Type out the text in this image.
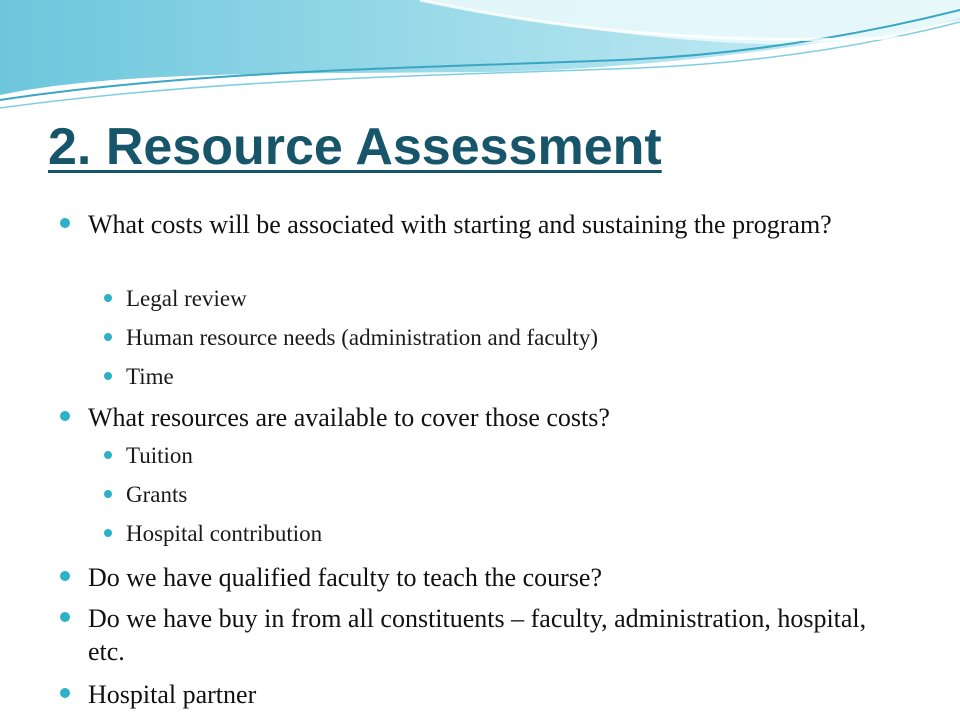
2. Resource Assessment
What costs will be associated with starting and sustaining the program?
Legal review
Human resource needs (administration and faculty)
Time
What resources are available to cover those costs?
Tuition
Grants
Hospital contribution
Do we have qualified faculty to teach the course?
Do we have buy in from all constituents – faculty, administration, hospital, etc.
Hospital partner
